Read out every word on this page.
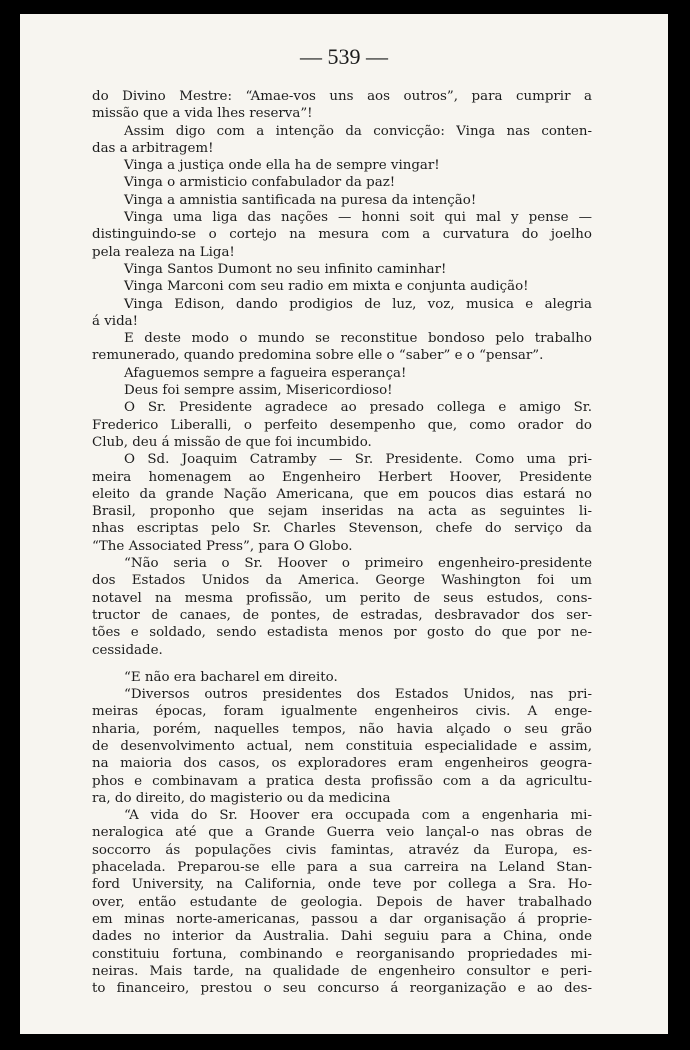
— 539 —
do Divino Mestre: “Amae-vos uns aos outros”, para cumprir a
missão que a vida lhes reserva”!
Assim digo com a intenção da convicção: Vinga nas conten-
das a arbitragem!
Vinga a justiça onde ella ha de sempre vingar!
Vinga o armisticio confabulador da paz!
Vinga a amnistia santificada na puresa da intenção!
Vinga uma liga das nações — honni soit qui mal y pense —
distinguindo-se o cortejo na mesura com a curvatura do joelho
pela realeza na Liga!
Vinga Santos Dumont no seu infinito caminhar!
Vinga Marconi com seu radio em mixta e conjunta audição!
Vinga Edison, dando prodigios de luz, voz, musica e alegria
á vida!
E deste modo o mundo se reconstitue bondoso pelo trabalho
remunerado, quando predomina sobre elle o “saber” e o “pensar”.
Afaguemos sempre a fagueira esperança!
Deus foi sempre assim, Misericordioso!
O Sr. Presidente agradece ao presado collega e amigo Sr.
Frederico Liberalli, o perfeito desempenho que, como orador do
Club, deu á missão de que foi incumbido.
O Sd. Joaquim Catramby — Sr. Presidente. Como uma pri-
meira homenagem ao Engenheiro Herbert Hoover, Presidente
eleito da grande Nação Americana, que em poucos dias estará no
Brasil, proponho que sejam inseridas na acta as seguintes li-
nhas escriptas pelo Sr. Charles Stevenson, chefe do serviço da
“The Associated Press”, para O Globo.
“Não seria o Sr. Hoover o primeiro engenheiro-presidente
dos Estados Unidos da America. George Washington foi um
notavel na mesma profissão, um perito de seus estudos, cons-
tructor de canaes, de pontes, de estradas, desbravador dos ser-
tões e soldado, sendo estadista menos por gosto do que por ne-
cessidade.
“E não era bacharel em direito.
“Diversos outros presidentes dos Estados Unidos, nas pri-
meiras épocas, foram igualmente engenheiros civis. A enge-
nharia, porém, naquelles tempos, não havia alçado o seu grão
de desenvolvimento actual, nem constituia especialidade e assim,
na maioria dos casos, os exploradores eram engenheiros geogra-
phos e combinavam a pratica desta profissão com a da agricultu-
ra, do direito, do magisterio ou da medicina
“A vida do Sr. Hoover era occupada com a engenharia mi-
neralogica até que a Grande Guerra veio lançal-o nas obras de
soccorro ás populações civis famintas, atravéz da Europa, es-
phacelada. Preparou-se elle para a sua carreira na Leland Stan-
ford University, na California, onde teve por collega a Sra. Ho-
over, então estudante de geologia. Depois de haver trabalhado
em minas norte-americanas, passou a dar organisação á proprie-
dades no interior da Australia. Dahi seguiu para a China, onde
constituiu fortuna, combinando e reorganisando propriedades mi-
neiras. Mais tarde, na qualidade de engenheiro consultor e peri-
to financeiro, prestou o seu concurso á reorganização e ao des-
